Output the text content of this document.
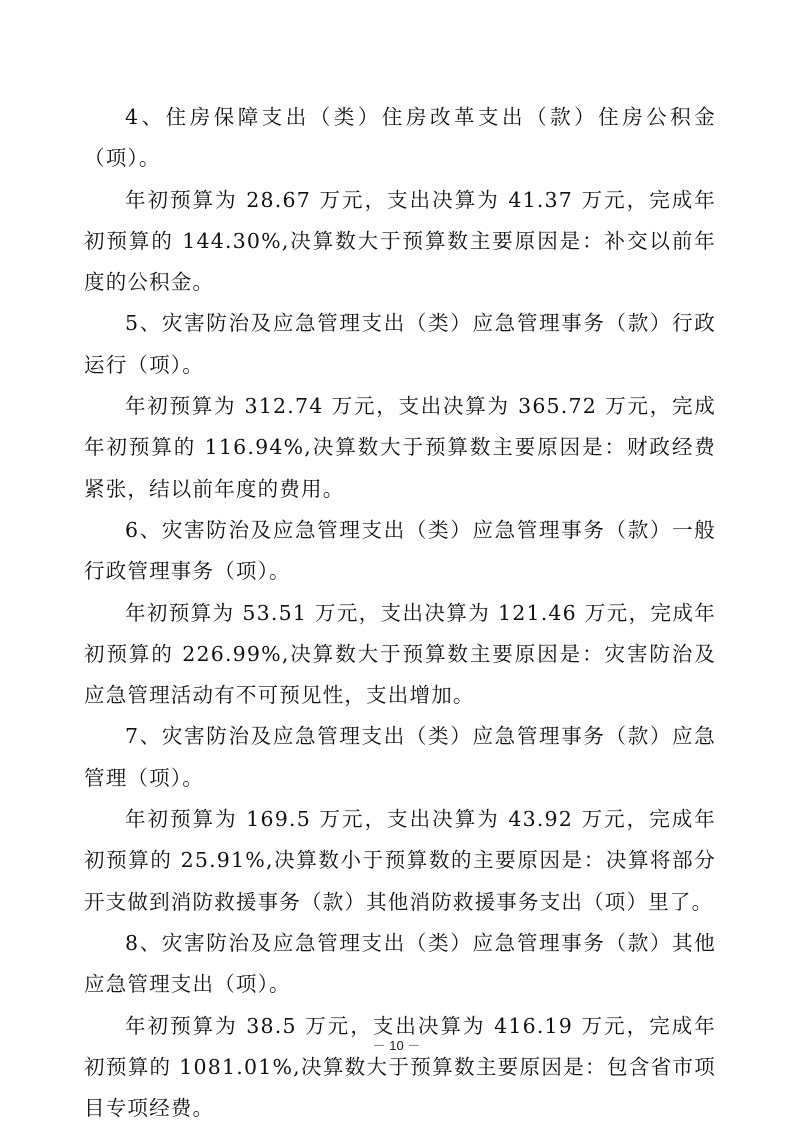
4、住房保障支出（类）住房改革支出（款）住房公积金（项）。

年初预算为 28.67 万元，支出决算为 41.37 万元，完成年初预算的 144.30%,决算数大于预算数主要原因是：补交以前年度的公积金。

5、灾害防治及应急管理支出（类）应急管理事务（款）行政运行（项）。

年初预算为 312.74 万元，支出决算为 365.72 万元，完成年初预算的 116.94%,决算数大于预算数主要原因是：财政经费紧张，结以前年度的费用。

6、灾害防治及应急管理支出（类）应急管理事务（款）一般行政管理事务（项）。

年初预算为 53.51 万元，支出决算为 121.46 万元，完成年初预算的 226.99%,决算数大于预算数主要原因是：灾害防治及应急管理活动有不可预见性，支出增加。

7、灾害防治及应急管理支出（类）应急管理事务（款）应急管理（项）。

年初预算为 169.5 万元，支出决算为 43.92 万元，完成年初预算的 25.91%,决算数小于预算数的主要原因是：决算将部分开支做到消防救援事务（款）其他消防救援事务支出（项）里了。

8、灾害防治及应急管理支出（类）应急管理事务（款）其他应急管理支出（项）。

年初预算为 38.5 万元，支出决算为 416.19 万元，完成年初预算的 1081.01%,决算数大于预算数主要原因是：包含省市项目专项经费。

－ 10 －
